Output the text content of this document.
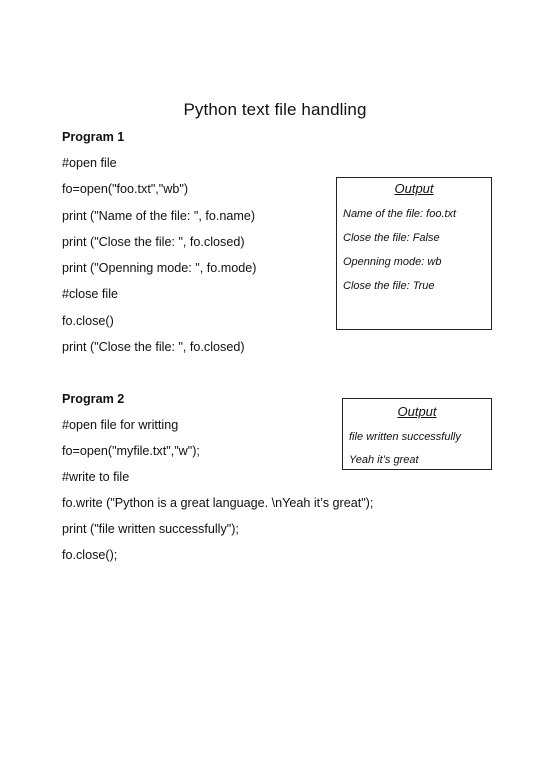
Python text file handling
Program 1
#open file
fo=open("foo.txt","wb")
print ("Name of the file: ", fo.name)
print ("Close the file: ", fo.closed)
print ("Openning mode: ", fo.mode)
#close file
fo.close()
print ("Close the file: ", fo.closed)
Output
Name of the file: foo.txt
Close the file: False
Openning mode: wb
Close the file: True
Program 2
#open file for writting
fo=open("myfile.txt","w");
#write to file
fo.write ("Python is a great language. \nYeah it’s great");
print ("file written successfully");
fo.close();
Output
file written successfully
Yeah it’s great
